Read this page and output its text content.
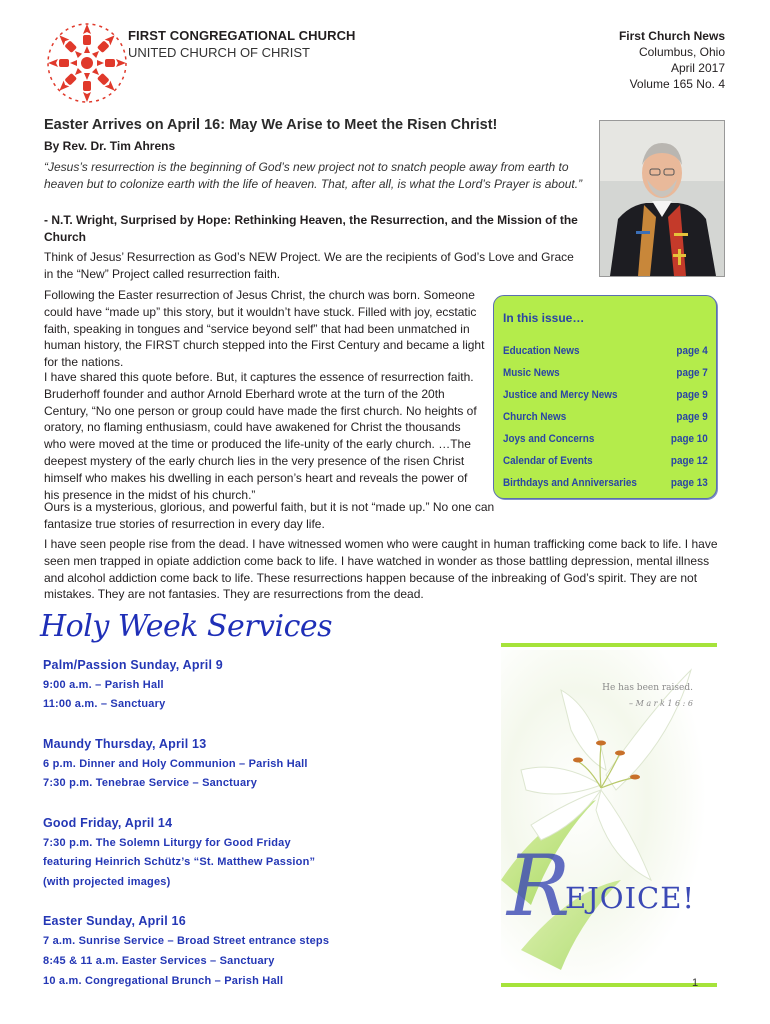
FIRST CONGREGATIONAL CHURCH
UNITED CHURCH OF CHRIST
First Church News
Columbus, Ohio
April 2017
Volume 165 No. 4
Easter Arrives on April 16: May We Arise to Meet the Risen Christ!
By Rev. Dr. Tim Ahrens

“Jesus’s resurrection is the beginning of God’s new project not to snatch people away from earth to heaven but to colonize earth with the life of heaven. That, after all, is what the Lord’s Prayer is about.”

- N.T. Wright, Surprised by Hope: Rethinking Heaven, the Resurrection, and the Mission of the Church

Think of Jesus’ Resurrection as God’s NEW Project. We are the recipients of God’s Love and Grace in the “New” Project called resurrection faith.

Following the Easter resurrection of Jesus Christ, the church was born. Someone could have “made up” this story, but it wouldn’t have stuck. Filled with joy, ecstatic faith, speaking in tongues and “service beyond self” that had been unmatched in human history, the FIRST church stepped into the First Century and became a light for the nations.

I have shared this quote before. But, it captures the essence of resurrection faith. Bruderhoff founder and author Arnold Eberhard wrote at the turn of the 20th Century, “No one person or group could have made the first church. No heights of oratory, no flaming enthusiasm, could have awakened for Christ the thousands who were moved at the time or produced the life-unity of the early church. …The deepest mystery of the early church lies in the very presence of the risen Christ himself who makes his dwelling in each person’s heart and reveals the power of his presence in the midst of his church.”

Ours is a mysterious, glorious, and powerful faith, but it is not “made up.” No one can fantasize true stories of resurrection in every day life.

I have seen people rise from the dead. I have witnessed women who were caught in human trafficking come back to life. I have seen men trapped in opiate addiction come back to life. I have watched in wonder as those battling depression, mental illness and alcohol addiction come back to life. These resurrections happen because of the inbreaking of God’s spirit. They are not mistakes. They are not fantasies. They are resurrections from the dead.

In this issue…
Education News	page 4
Music News	page 7
Justice and Mercy News	page 9
Church News	page 9
Joys and Concerns	page 10
Calendar of Events	page 12
Birthdays and Anniversaries	page 13
Holy Week Services
Palm/Passion Sunday, April 9
9:00 a.m. – Parish Hall
11:00 a.m. – Sanctuary
Maundy Thursday, April 13
6 p.m. Dinner and Holy Communion – Parish Hall
7:30 p.m. Tenebrae Service – Sanctuary
Good Friday, April 14
7:30 p.m. The Solemn Liturgy for Good Friday
featuring Heinrich Schütz’s “St. Matthew Passion”
(with projected images)
Easter Sunday, April 16
7 a.m. Sunrise Service – Broad Street entrance steps
8:45 & 11 a.m. Easter Services – Sanctuary
10 a.m. Congregational Brunch – Parish Hall
He has been raised.
– M a r k 1 6 : 6
R
EJOICE!
1
